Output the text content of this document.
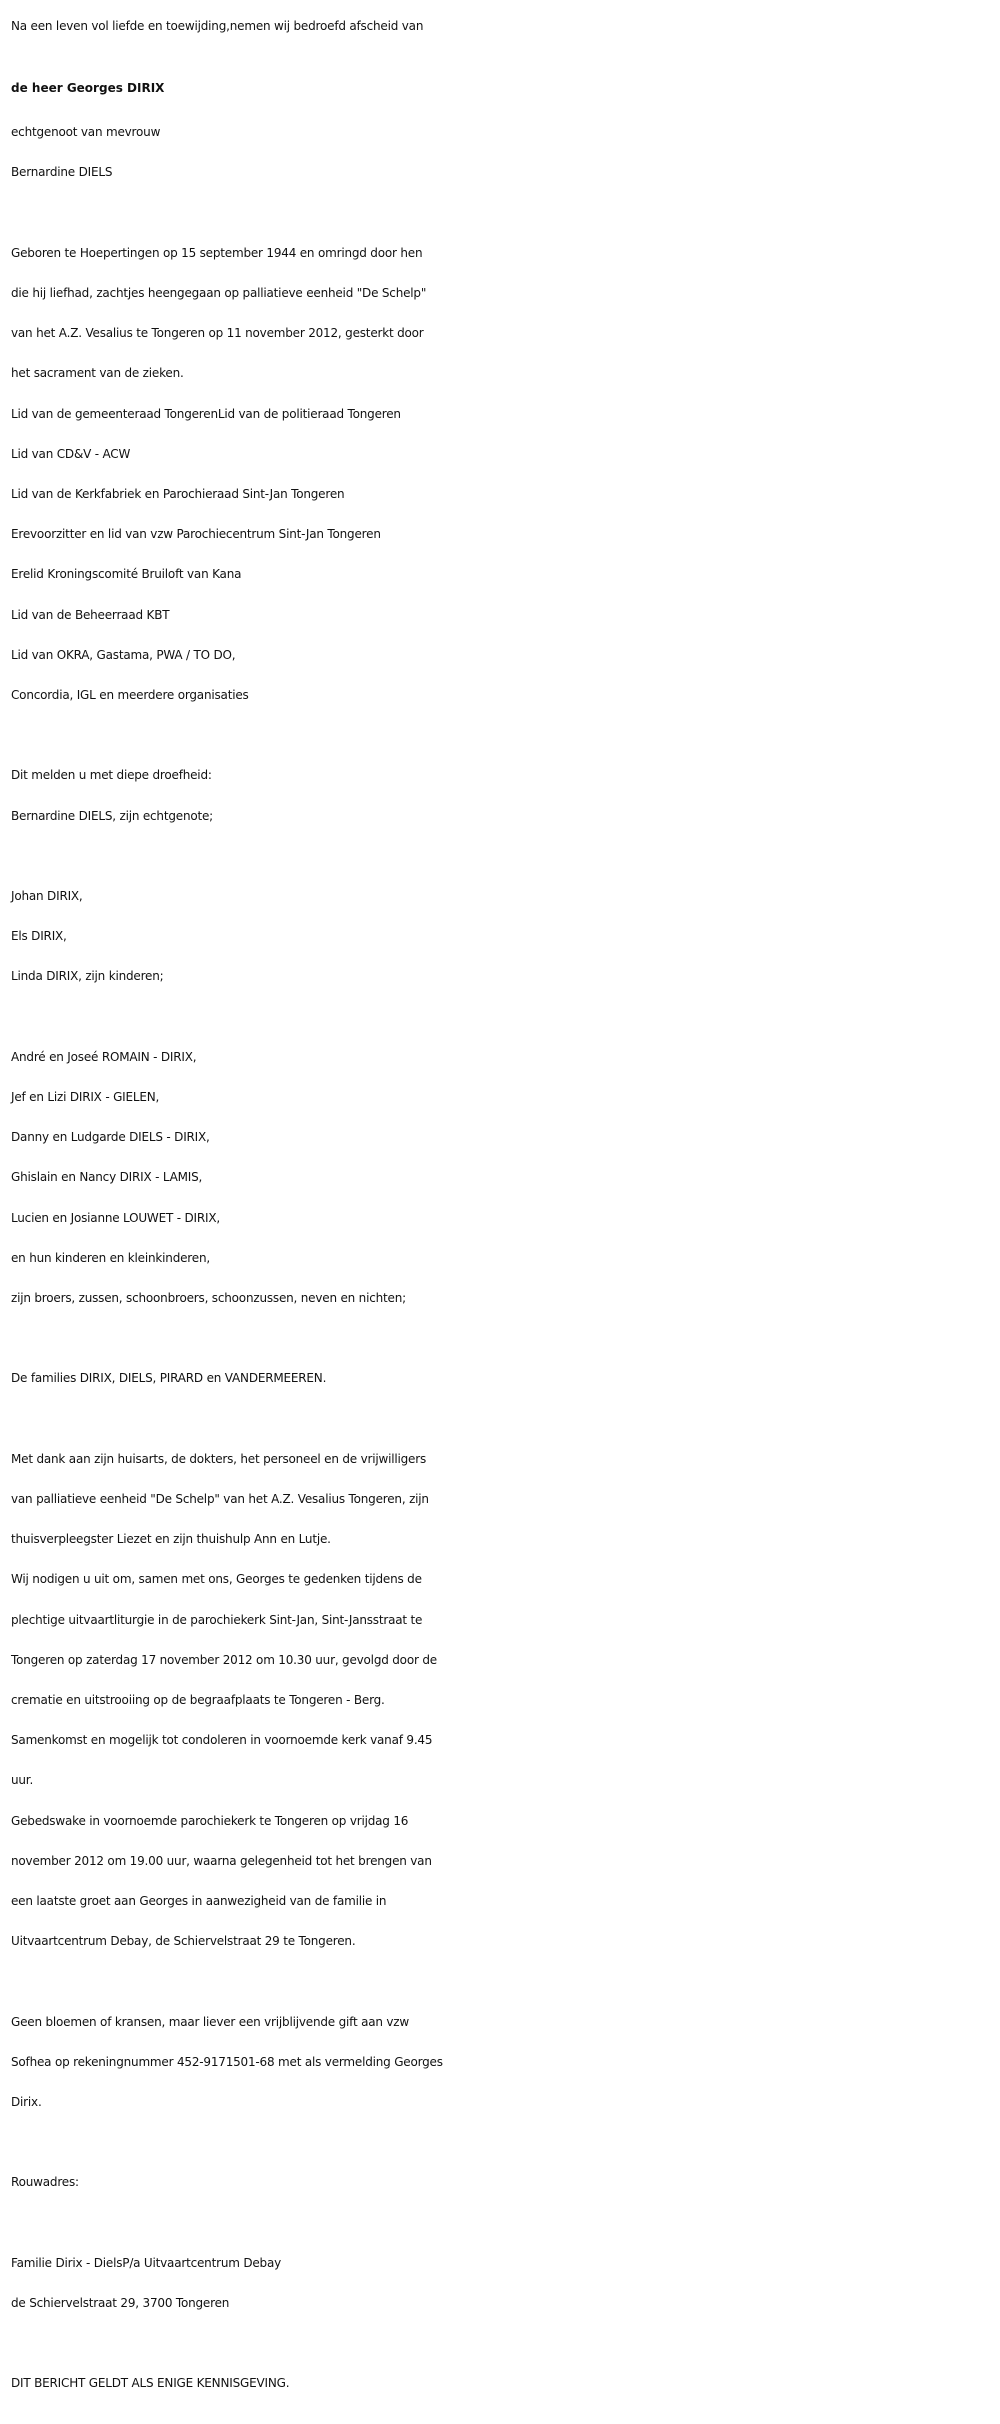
Na een leven vol liefde en toewijding,nemen wij bedroefd afscheid van
de heer Georges DIRIX
echtgenoot van mevrouw
Bernardine DIELS
Geboren te Hoepertingen op 15 september 1944 en omringd door hen
die hij liefhad, zachtjes heengegaan op palliatieve eenheid "De Schelp"
van het A.Z. Vesalius te Tongeren op 11 november 2012, gesterkt door
het sacrament van de zieken.
Lid van de gemeenteraad TongerenLid van de politieraad Tongeren
Lid van CD&V - ACW
Lid van de Kerkfabriek en Parochieraad Sint-Jan Tongeren
Erevoorzitter en lid van vzw Parochiecentrum Sint-Jan Tongeren
Erelid Kroningscomité Bruiloft van Kana
Lid van de Beheerraad KBT
Lid van OKRA, Gastama, PWA / TO DO,
Concordia, IGL en meerdere organisaties
Dit melden u met diepe droefheid:
Bernardine DIELS, zijn echtgenote;
Johan DIRIX,
Els DIRIX,
Linda DIRIX, zijn kinderen;
André en Joseé ROMAIN - DIRIX,
Jef en Lizi DIRIX - GIELEN,
Danny en Ludgarde DIELS - DIRIX,
Ghislain en Nancy DIRIX - LAMIS,
Lucien en Josianne LOUWET - DIRIX,
en hun kinderen en kleinkinderen,
zijn broers, zussen, schoonbroers, schoonzussen, neven en nichten;
De families DIRIX, DIELS, PIRARD en VANDERMEEREN.
Met dank aan zijn huisarts, de dokters, het personeel en de vrijwilligers
van palliatieve eenheid "De Schelp" van het A.Z. Vesalius Tongeren, zijn
thuisverpleegster Liezet en zijn thuishulp Ann en Lutje.
Wij nodigen u uit om, samen met ons, Georges te gedenken tijdens de
plechtige uitvaartliturgie in de parochiekerk Sint-Jan, Sint-Jansstraat te
Tongeren op zaterdag 17 november 2012 om 10.30 uur, gevolgd door de
crematie en uitstrooiing op de begraafplaats te Tongeren - Berg.
Samenkomst en mogelijk tot condoleren in voornoemde kerk vanaf 9.45
uur.
Gebedswake in voornoemde parochiekerk te Tongeren op vrijdag 16
november 2012 om 19.00 uur, waarna gelegenheid tot het brengen van
een laatste groet aan Georges in aanwezigheid van de familie in
Uitvaartcentrum Debay, de Schiervelstraat 29 te Tongeren.
Geen bloemen of kransen, maar liever een vrijblijvende gift aan vzw
Sofhea op rekeningnummer 452-9171501-68 met als vermelding Georges
Dirix.
Rouwadres:
Familie Dirix - DielsP/a Uitvaartcentrum Debay
de Schiervelstraat 29, 3700 Tongeren
DIT BERICHT GELDT ALS ENIGE KENNISGEVING.
